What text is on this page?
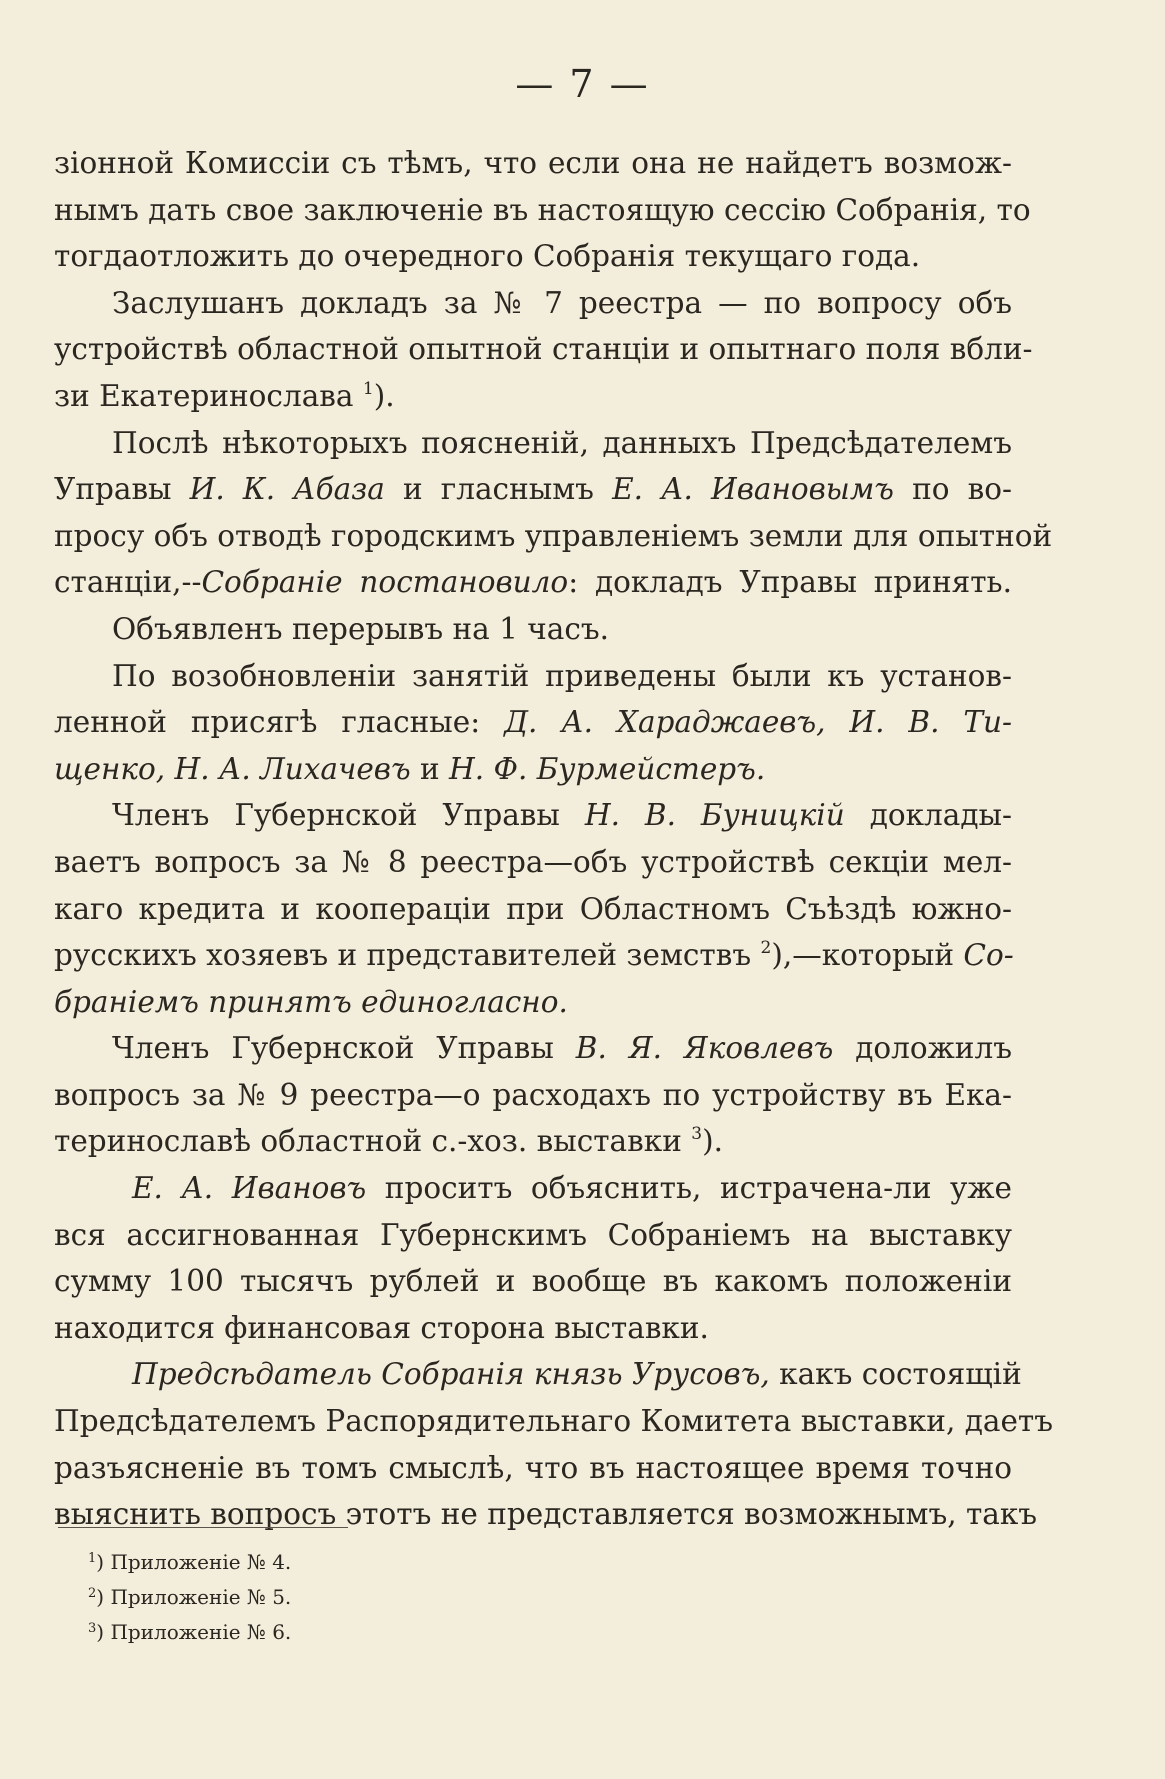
— 7 —
зіонной Комиссіи съ тѣмъ, что если она не найдетъ возмож-
нымъ дать свое заключеніе въ настоящую сессію Собранія, то
тогдаотложить до очередного Собранія текущаго года.
Заслушанъ докладъ за № 7 реестра — по вопросу объ
устройствѣ областной опытной станціи и опытнаго поля вбли-
зи Екатеринослава $^1$).
Послѣ нѣкоторыхъ поясненій, данныхъ Предсѣдателемъ
Управы И. К. Абаза и гласнымъ Е. А. Ивановымъ по во-
просу объ отводѣ городскимъ управленіемъ земли для опытной
станціи,--Собраніе постановило: докладъ Управы принять.
Объявленъ перерывъ на 1 часъ.
По возобновленіи занятій приведены были къ установ-
ленной присягѣ гласные: Д. А. Хараджаевъ, И. В. Ти-
щенко, Н. А. Лихачевъ и Н. Ф. Бурмейстеръ.
Членъ Губернской Управы Н. В. Буницкій доклады-
ваетъ вопросъ за № 8 реестра—объ устройствѣ секціи мел-
каго кредита и коопераціи при Областномъ Съѣздѣ южно-
русскихъ хозяевъ и представителей земствъ $^2$),—который Со-
браніемъ принятъ единогласно.
Членъ Губернской Управы В. Я. Яковлевъ доложилъ
вопросъ за № 9 реестра—о расходахъ по устройству въ Ека-
теринославѣ областной с.-хоз. выставки $^3$).
Е. А. Ивановъ проситъ объяснить, истрачена-ли уже
вся ассигнованная Губернскимъ Собраніемъ на выставку
сумму 100 тысячъ рублей и вообще въ какомъ положеніи
находится финансовая сторона выставки.
Предсѣдатель Собранія князь Урусовъ, какъ состоящій
Предсѣдателемъ Распорядительнаго Комитета выставки, даетъ
разъясненіе въ томъ смыслѣ, что въ настоящее время точно
выяснить вопросъ этотъ не представляется возможнымъ, такъ
$^1$) Приложеніе № 4.
$^2$) Приложеніе № 5.
$^3$) Приложеніе № 6.
